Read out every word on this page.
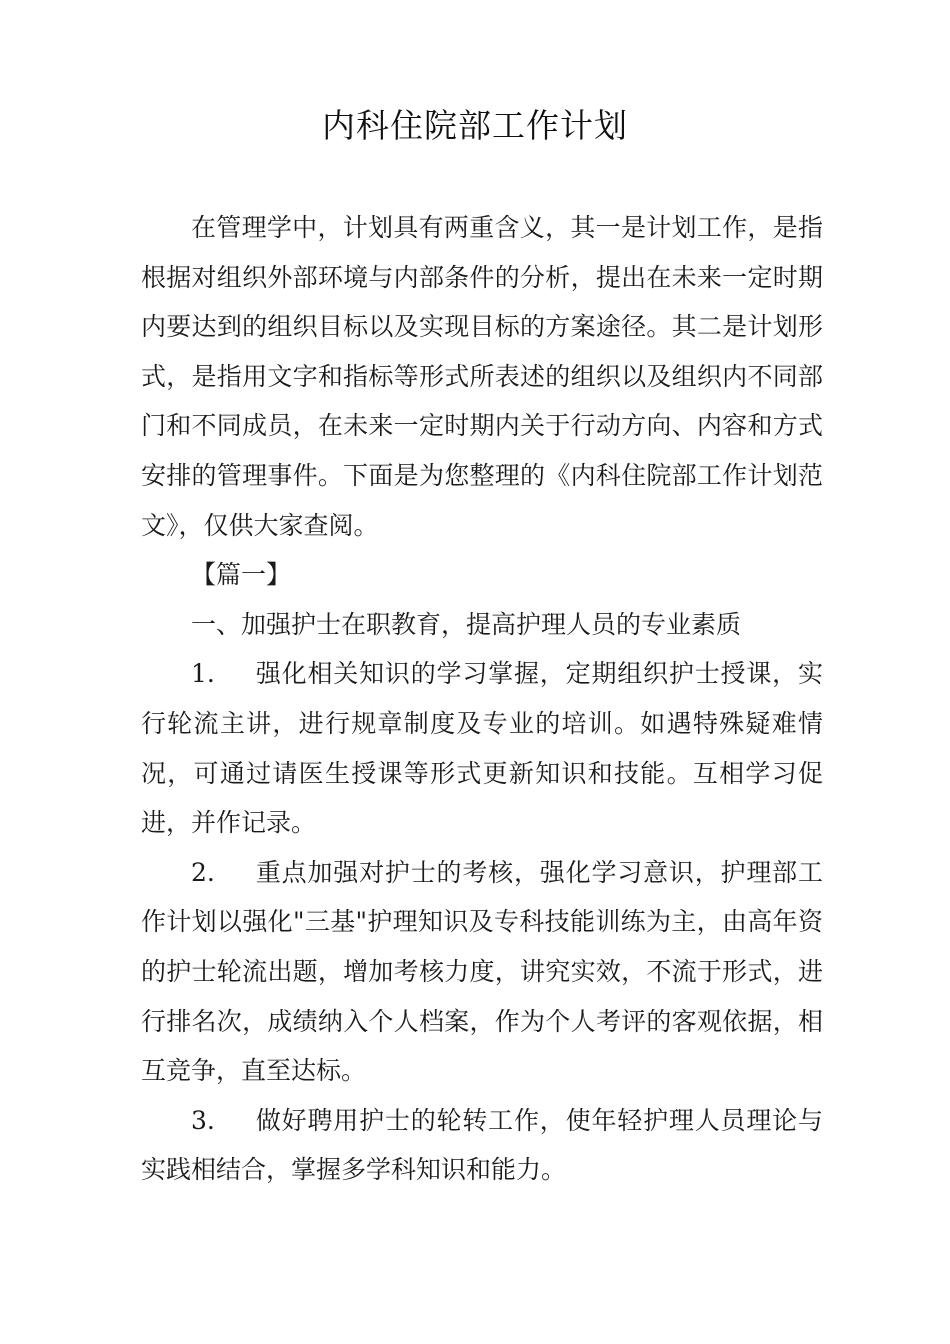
内科住院部工作计划

在管理学中，计划具有两重含义，其一是计划工作，是指根据对组织外部环境与内部条件的分析，提出在未来一定时期内要达到的组织目标以及实现目标的方案途径。其二是计划形式，是指用文字和指标等形式所表述的组织以及组织内不同部门和不同成员，在未来一定时期内关于行动方向、内容和方式安排的管理事件。下面是为您整理的《内科住院部工作计划范文》，仅供大家查阅。

【篇一】

一、加强护士在职教育，提高护理人员的专业素质

1. 强化相关知识的学习掌握，定期组织护士授课，实行轮流主讲，进行规章制度及专业的培训。如遇特殊疑难情况，可通过请医生授课等形式更新知识和技能。互相学习促进，并作记录。

2. 重点加强对护士的考核，强化学习意识，护理部工作计划以强化"三基"护理知识及专科技能训练为主，由高年资的护士轮流出题，增加考核力度，讲究实效，不流于形式，进行排名次，成绩纳入个人档案，作为个人考评的客观依据，相互竞争，直至达标。

3. 做好聘用护士的轮转工作，使年轻护理人员理论与实践相结合，掌握多学科知识和能力。
